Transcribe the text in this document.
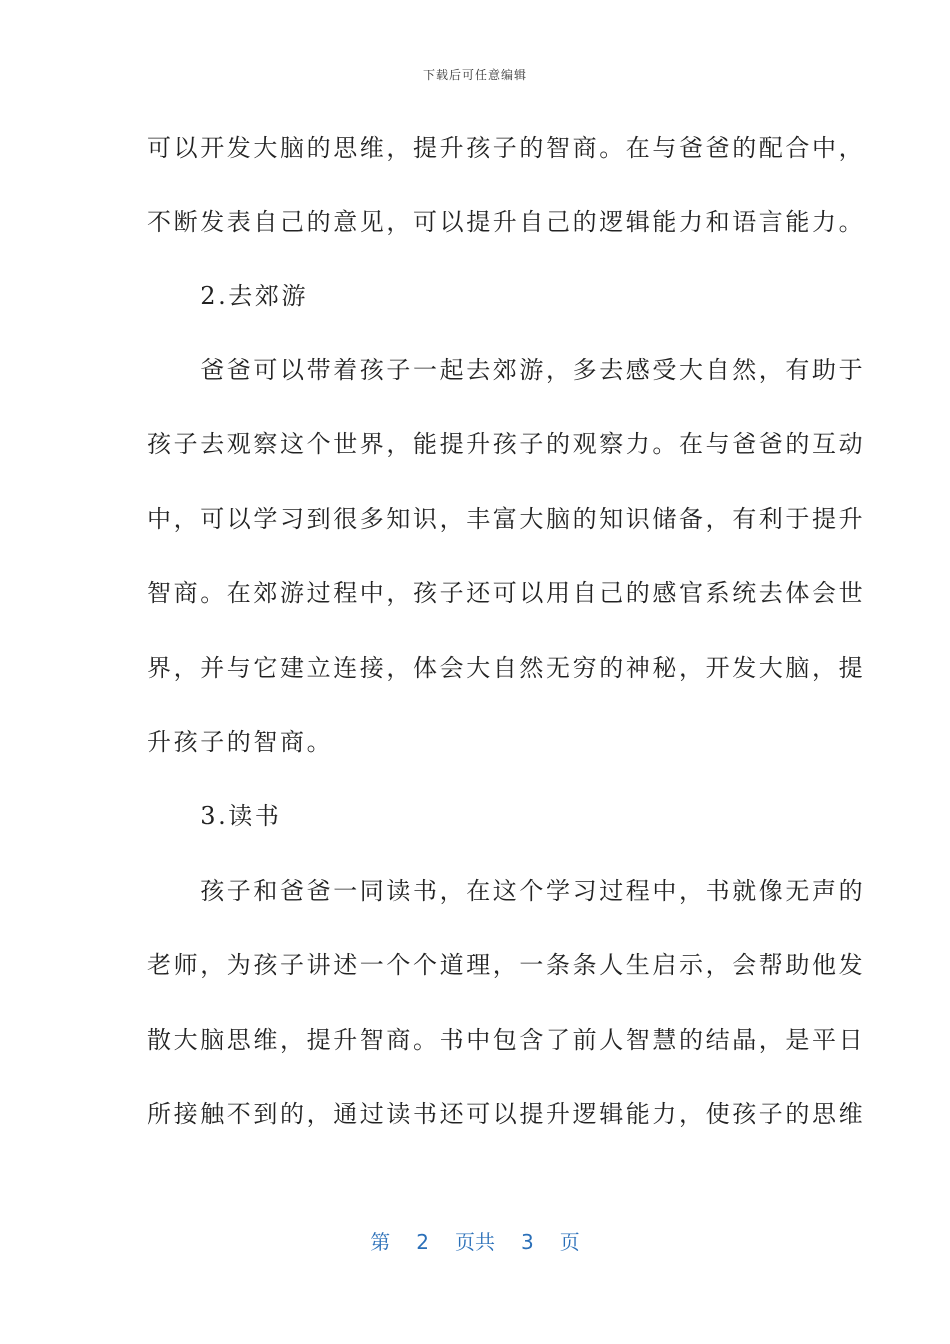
下载后可任意编辑
可以开发大脑的思维，提升孩子的智商。在与爸爸的配合中，
不断发表自己的意见，可以提升自己的逻辑能力和语言能力。
　　2.去郊游
　　爸爸可以带着孩子一起去郊游，多去感受大自然，有助于
孩子去观察这个世界，能提升孩子的观察力。在与爸爸的互动
中，可以学习到很多知识，丰富大脑的知识储备，有利于提升
智商。在郊游过程中，孩子还可以用自己的感官系统去体会世
界，并与它建立连接，体会大自然无穷的神秘，开发大脑，提
升孩子的智商。
　　3.读书
　　孩子和爸爸一同读书，在这个学习过程中，书就像无声的
老师，为孩子讲述一个个道理，一条条人生启示，会帮助他发
散大脑思维，提升智商。书中包含了前人智慧的结晶，是平日
所接触不到的，通过读书还可以提升逻辑能力，使孩子的思维
第 2 页共 3 页
